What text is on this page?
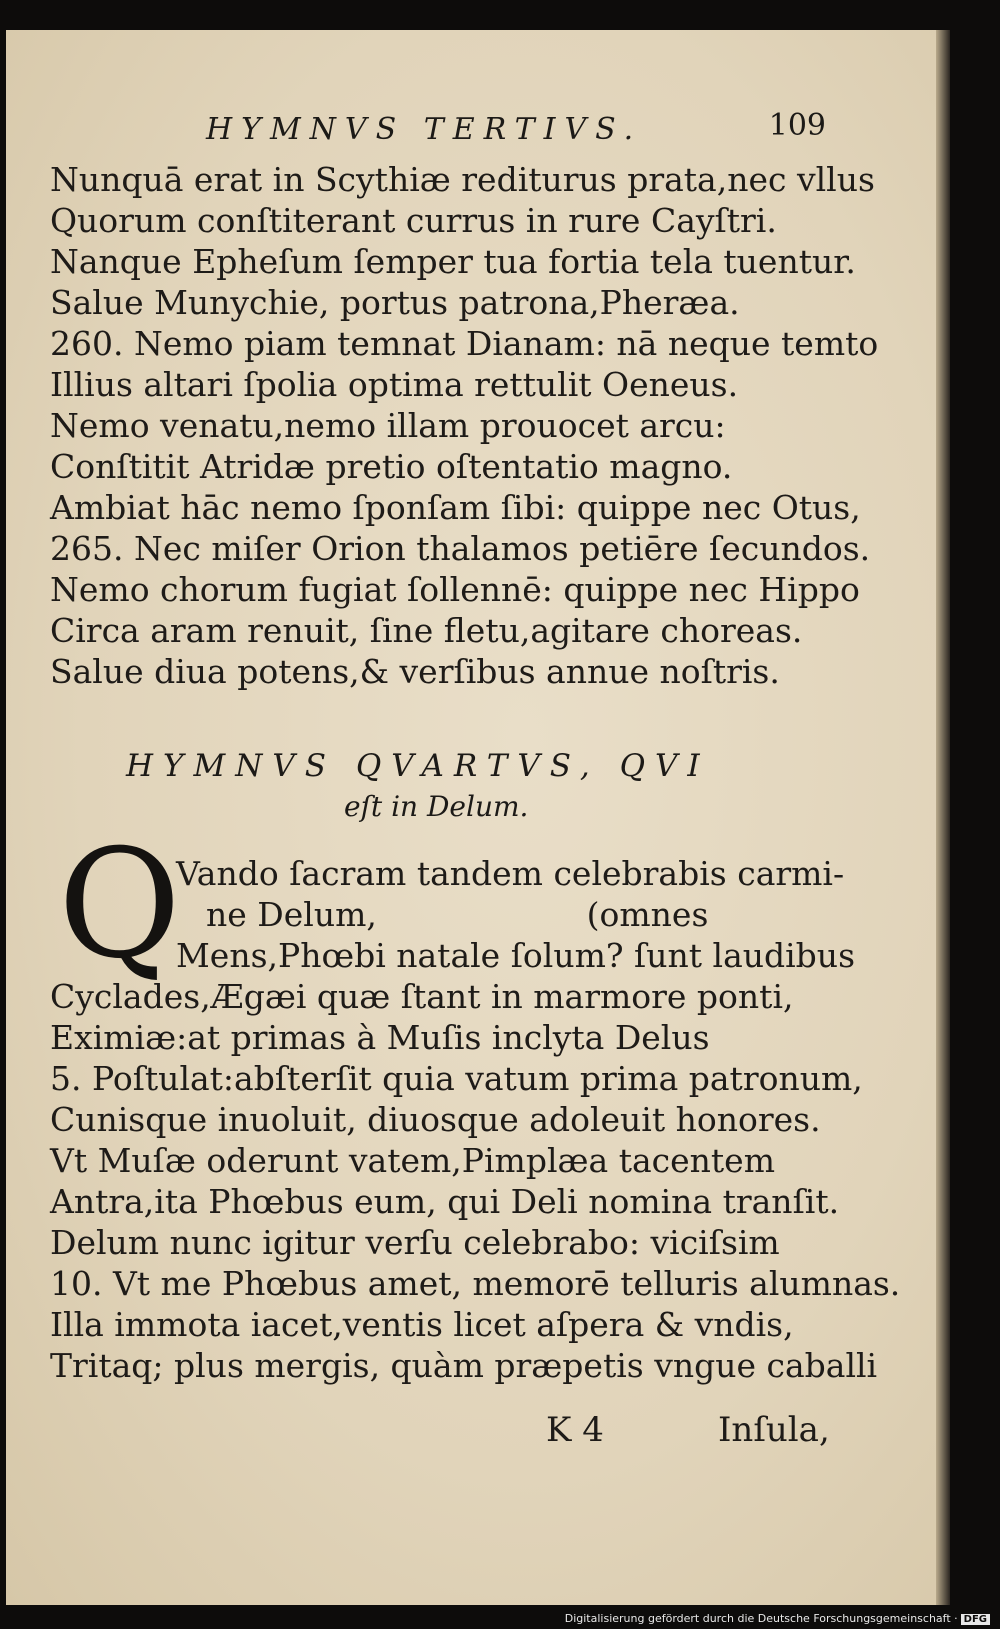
HYMNVS TERTIVS.	109
Nunquā erat in Scythiæ rediturus prata,nec vllus
Quorum conſtiterant currus in rure Cayſtri.
Nanque Epheſum ſemper tua fortia tela tuentur.
Salue Munychie, portus patrona,Pheræa.
260. Nemo piam temnat Dianam: nā neque temto
Illius altari ſpolia optima rettulit Oeneus.
Nemo venatu,nemo illam prouocet arcu:
Conſtitit Atridæ pretio oſtentatio magno.
Ambiat hāc nemo ſponſam ſibi: quippe nec Otus,
265. Nec miſer Orion thalamos petiēre ſecundos.
Nemo chorum fugiat ſollennē: quippe nec Hippo
Circa aram renuit, ſine fletu,agitare choreas.
Salue diua potens,& verſibus annue noſtris.
HYMNVS QVARTVS, QVI
eſt in Delum.
Q
Vando ſacram tandem celebrabis carmi-
ne Delum,                    (omnes
Mens,Phœbi natale ſolum? ſunt laudibus
Cyclades,Ægæi quæ ſtant in marmore ponti,
Eximiæ:at primas à Muſis inclyta Delus
5. Poſtulat:abſterſit quia vatum prima patronum,
Cunisque inuoluit, diuosque adoleuit honores.
Vt Muſæ oderunt vatem,Pimplæa tacentem
Antra,ita Phœbus eum, qui Deli nomina tranſit.
Delum nunc igitur verſu celebrabo: viciſsim
10. Vt me Phœbus amet, memorē telluris alumnas.
Illa immota iacet,ventis licet aſpera & vndis,
Tritaq; plus mergis, quàm præpetis vngue caballi
K 4	Inſula,
Digitalisierung gefördert durch die Deutsche Forschungsgemeinschaft · DFG
